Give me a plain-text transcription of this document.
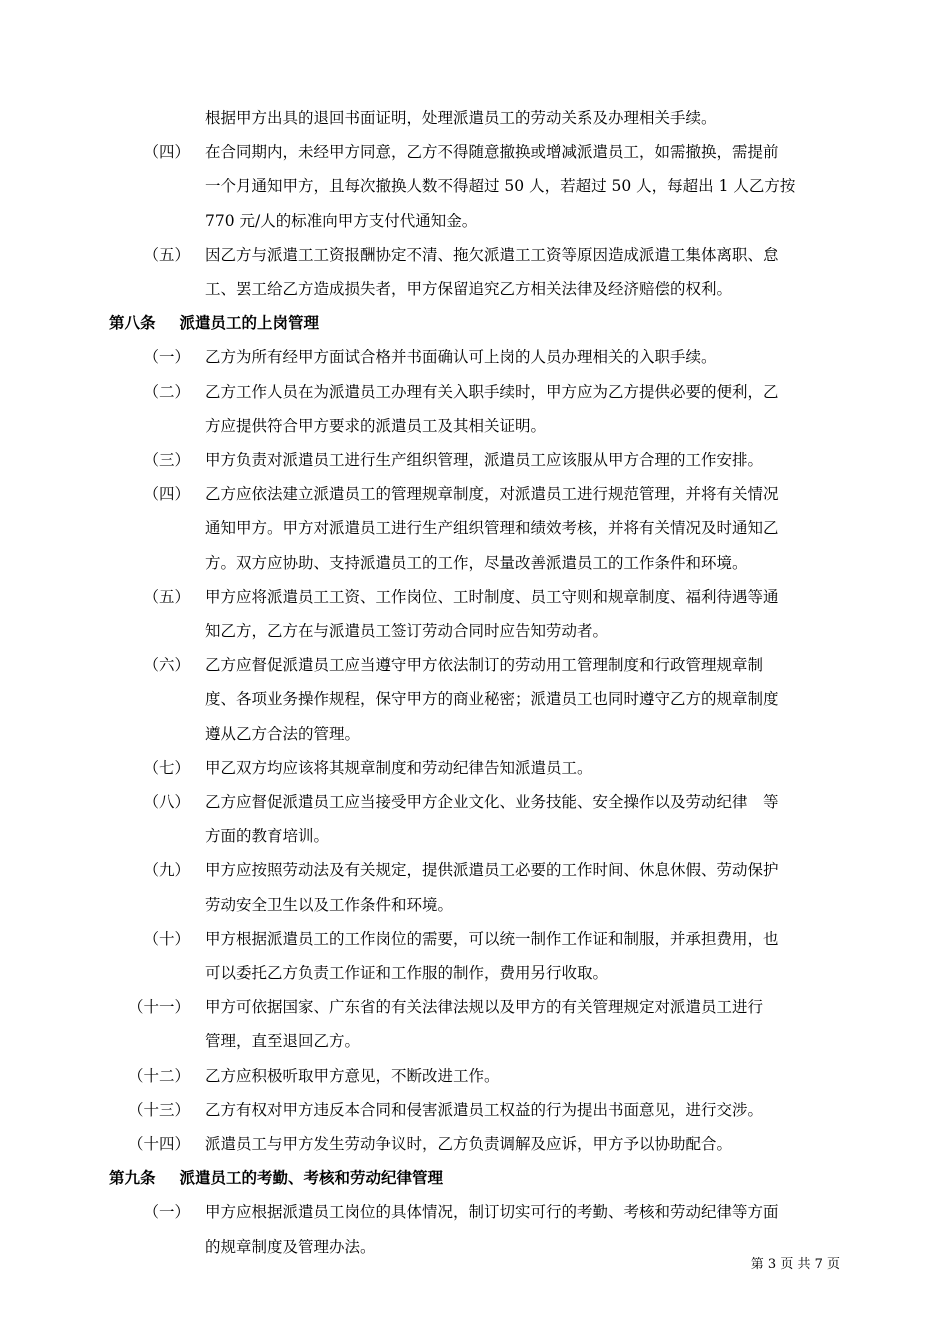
根据甲方出具的退回书面证明，处理派遣员工的劳动关系及办理相关手续。
（四） 在合同期内，未经甲方同意，乙方不得随意撤换或增减派遣员工，如需撤换，需提前
一个月通知甲方，且每次撤换人数不得超过 50 人，若超过 50 人，每超出 1 人乙方按
770 元/人的标准向甲方支付代通知金。
（五） 因乙方与派遣工工资报酬协定不清、拖欠派遣工工资等原因造成派遣工集体离职、怠
工、罢工给乙方造成损失者，甲方保留追究乙方相关法律及经济赔偿的权利。
第八条 派遣员工的上岗管理
（一） 乙方为所有经甲方面试合格并书面确认可上岗的人员办理相关的入职手续。
（二） 乙方工作人员在为派遣员工办理有关入职手续时，甲方应为乙方提供必要的便利，乙
方应提供符合甲方要求的派遣员工及其相关证明。
（三） 甲方负责对派遣员工进行生产组织管理，派遣员工应该服从甲方合理的工作安排。
（四） 乙方应依法建立派遣员工的管理规章制度，对派遣员工进行规范管理，并将有关情况
通知甲方。甲方对派遣员工进行生产组织管理和绩效考核，并将有关情况及时通知乙
方。双方应协助、支持派遣员工的工作，尽量改善派遣员工的工作条件和环境。
（五） 甲方应将派遣员工工资、工作岗位、工时制度、员工守则和规章制度、福利待遇等通
知乙方，乙方在与派遣员工签订劳动合同时应告知劳动者。
（六） 乙方应督促派遣员工应当遵守甲方依法制订的劳动用工管理制度和行政管理规章制
度、各项业务操作规程，保守甲方的商业秘密；派遣员工也同时遵守乙方的规章制度
遵从乙方合法的管理。
（七） 甲乙双方均应该将其规章制度和劳动纪律告知派遣员工。
（八） 乙方应督促派遣员工应当接受甲方企业文化、业务技能、安全操作以及劳动纪律　等
方面的教育培训。
（九） 甲方应按照劳动法及有关规定，提供派遣员工必要的工作时间、休息休假、劳动保护
劳动安全卫生以及工作条件和环境。
（十） 甲方根据派遣员工的工作岗位的需要，可以统一制作工作证和制服，并承担费用，也
可以委托乙方负责工作证和工作服的制作，费用另行收取。
（十一） 甲方可依据国家、广东省的有关法律法规以及甲方的有关管理规定对派遣员工进行
管理，直至退回乙方。
（十二） 乙方应积极听取甲方意见，不断改进工作。
（十三） 乙方有权对甲方违反本合同和侵害派遣员工权益的行为提出书面意见，进行交涉。
（十四） 派遣员工与甲方发生劳动争议时，乙方负责调解及应诉，甲方予以协助配合。
第九条 派遣员工的考勤、考核和劳动纪律管理
（一） 甲方应根据派遣员工岗位的具体情况，制订切实可行的考勤、考核和劳动纪律等方面
的规章制度及管理办法。
第 3 页 共 7 页
